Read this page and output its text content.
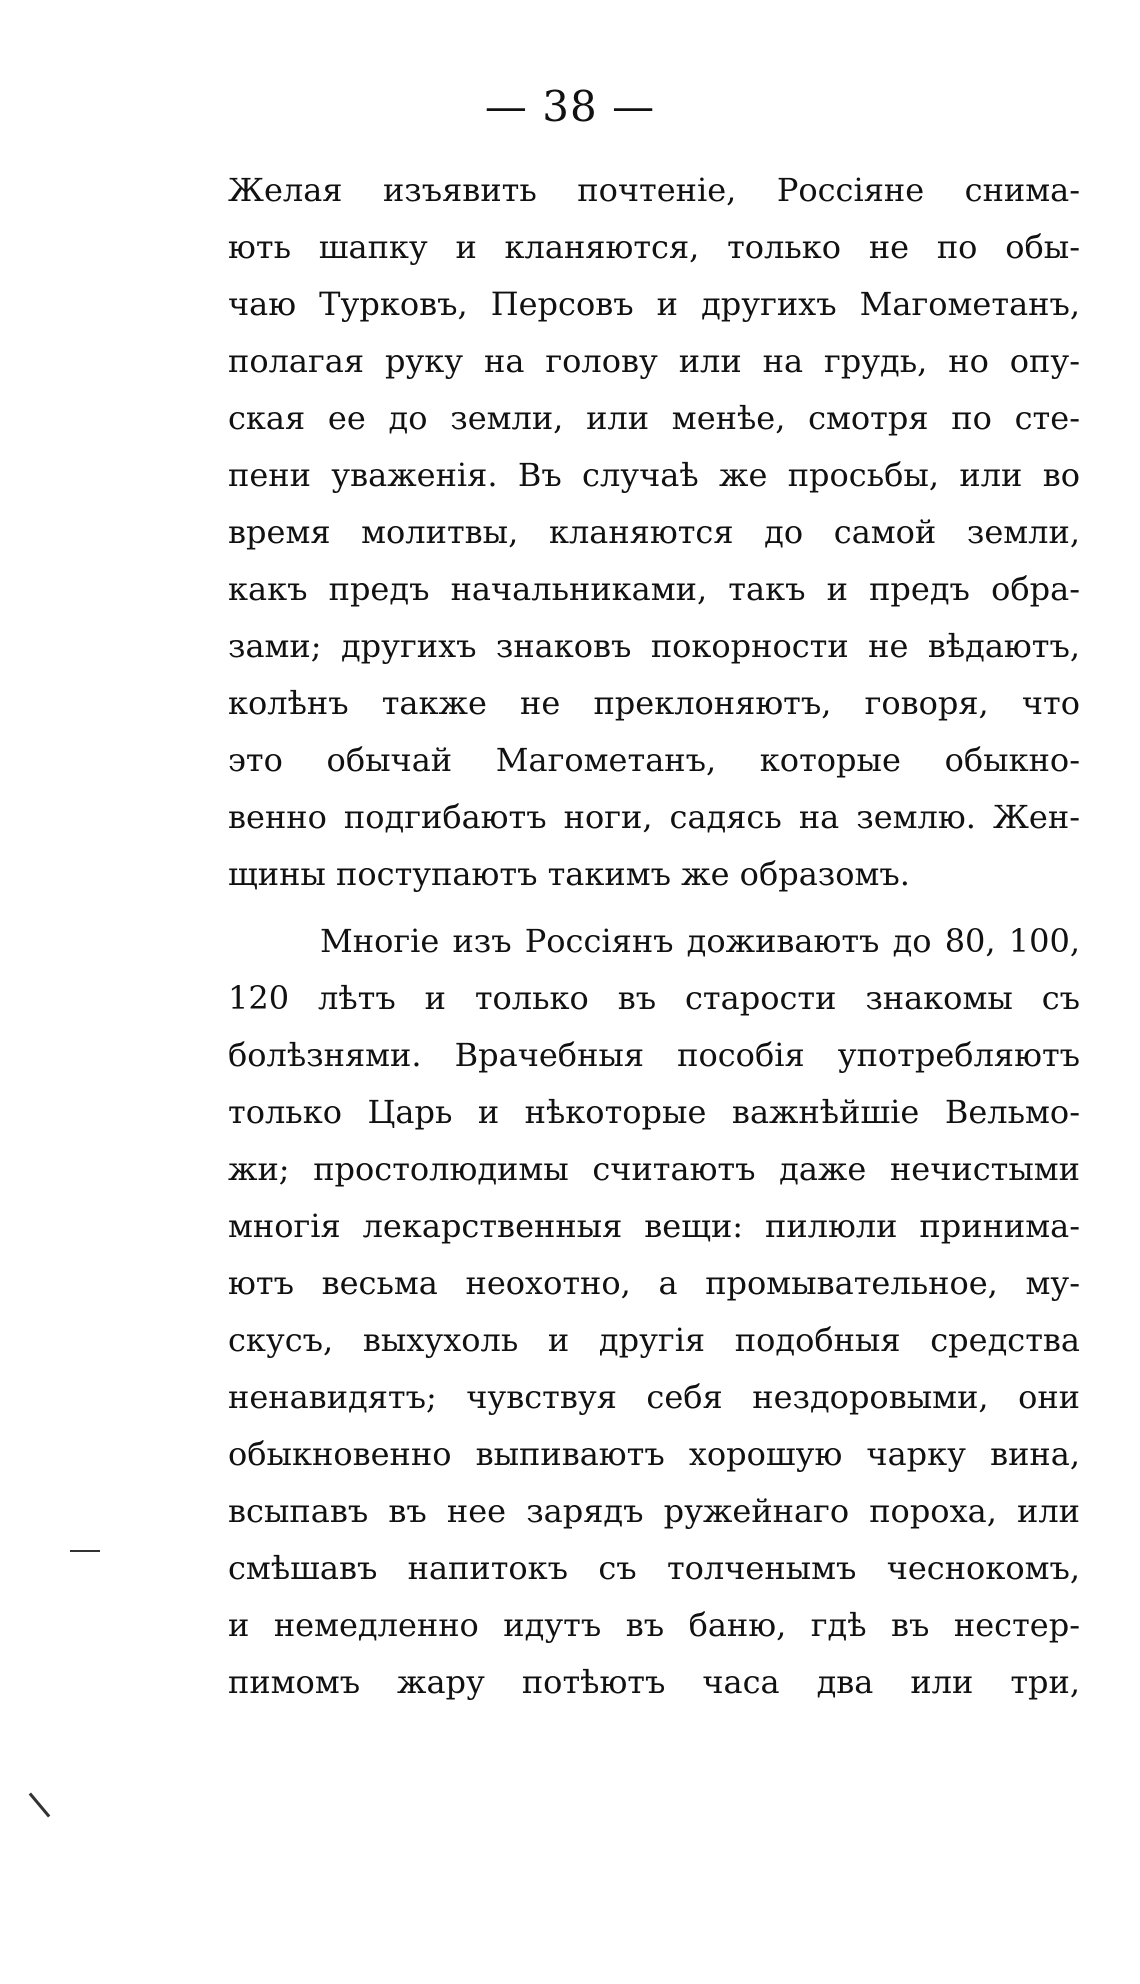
— 38 —
Желая изъявить почтеніе, Россіяне снима-
ють шапку и кланяются, только не по обы-
чаю Турковъ, Персовъ и другихъ Магометанъ,
полагая руку на голову или на грудь, но опу-
ская ее до земли, или менѣе, смотря по сте-
пени уваженія. Въ случаѣ же просьбы, или во
время молитвы, кланяются до самой земли,
какъ предъ начальниками, такъ и предъ обра-
зами; другихъ знаковъ покорности не вѣдаютъ,
колѣнъ также не преклоняютъ, говоря, что
это обычай Магометанъ, которые обыкно-
венно подгибаютъ ноги, садясь на землю. Жен-
щины поступаютъ такимъ же образомъ.
Многіе изъ Россіянъ доживаютъ до 80, 100,
120 лѣтъ и только въ старости знакомы съ
болѣзнями. Врачебныя пособія употребляютъ
только Царь и нѣкоторые важнѣйшіе Вельмо-
жи; простолюдимы считаютъ даже нечистыми
многія лекарственныя вещи: пилюли принима-
ютъ весьма неохотно, а промывательное, му-
скусъ, выхухоль и другія подобныя средства
ненавидятъ; чувствуя себя нездоровыми, они
обыкновенно выпиваютъ хорошую чарку вина,
всыпавъ въ нее зарядъ ружейнаго пороха, или
смѣшавъ напитокъ съ толченымъ чеснокомъ,
и немедленно идутъ въ баню, гдѣ въ нестер-
пимомъ жару потѣютъ часа два или три,
